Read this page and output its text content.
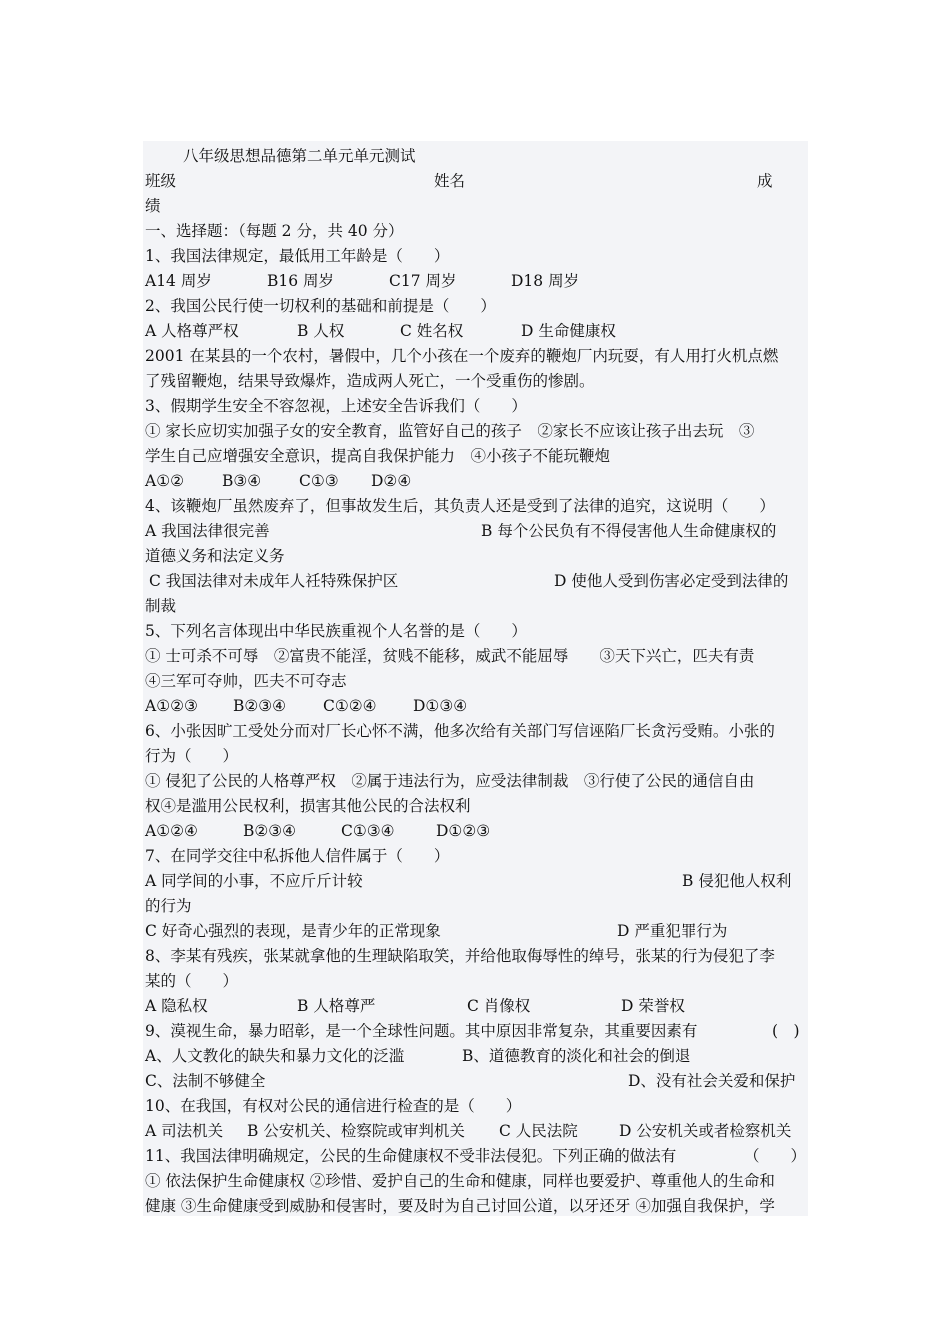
八年级思想品德第二单元单元测试
班级	姓名	成
绩
一、选择题：（每题 2 分，共 40 分）
1、我国法律规定，最低用工年龄是（　　）
A14 周岁	B16 周岁	C17 周岁	D18 周岁
2、我国公民行使一切权利的基础和前提是（　　）
A 人格尊严权	B 人权	C 姓名权	D 生命健康权
2001 在某县的一个农村，暑假中，几个小孩在一个废弃的鞭炮厂内玩耍，有人用打火机点燃
了残留鞭炮，结果导致爆炸，造成两人死亡，一个受重伤的惨剧。
3、假期学生安全不容忽视，上述安全告诉我们（　　）
① 家长应切实加强子女的安全教育，监管好自己的孩子　②家长不应该让孩子出去玩　③
学生自己应增强安全意识，提高自我保护能力　④小孩子不能玩鞭炮
A①② B③④ C①③ D②④
4、该鞭炮厂虽然废弃了，但事故发生后，其负责人还是受到了法律的追究，这说明（　　）
A 我国法律很完善	B 每个公民负有不得侵害他人生命健康权的
道德义务和法定义务
C 我国法律对未成年人祍特殊保护区	D 使他人受到伤害必定受到法律的
制裁
5、下列名言体现出中华民族重视个人名誉的是（　　）
① 士可杀不可辱　②富贵不能淫，贫贱不能移，威武不能屈辱　　③天下兴亡，匹夫有责
④三军可夺帅，匹夫不可夺志
A①②③ B②③④ C①②④ D①③④
6、小张因旷工受处分而对厂长心怀不满，他多次给有关部门写信诬陷厂长贪污受贿。小张的
行为（　　）
① 侵犯了公民的人格尊严权　②属于违法行为，应受法律制裁　③行使了公民的通信自由
权④是滥用公民权利，损害其他公民的合法权利
A①②④	B②③④	C①③④	D①②③
7、在同学交往中私拆他人信件属于（　　）
A 同学间的小事，不应斤斤计较	B 侵犯他人权利
的行为
C 好奇心强烈的表现，是青少年的正常现象	D 严重犯罪行为
8、李某有残疾，张某就拿他的生理缺陷取笑，并给他取侮辱性的绰号，张某的行为侵犯了李
某的（　　）
A 隐私权	B 人格尊严	C 肖像权	D 荣誉权
9、漠视生命，暴力昭彰，是一个全球性问题。其中原因非常复杂，其重要因素有	(　)
A、人文教化的缺失和暴力文化的泛滥	B、道德教育的淡化和社会的倒退
C、法制不够健全	D、没有社会关爱和保护
10、在我国，有权对公民的通信进行检查的是（　　）
A 司法机关 B 公安机关、检察院或审判机关 C 人民法院	D 公安机关或者检察机关
11、我国法律明确规定，公民的生命健康权不受非法侵犯。下列正确的做法有	（　　）
① 依法保护生命健康权 ②珍惜、爱护自己的生命和健康，同样也要爱护、尊重他人的生命和
健康 ③生命健康受到威胁和侵害时，要及时为自己讨回公道，以牙还牙 ④加强自我保护，学
